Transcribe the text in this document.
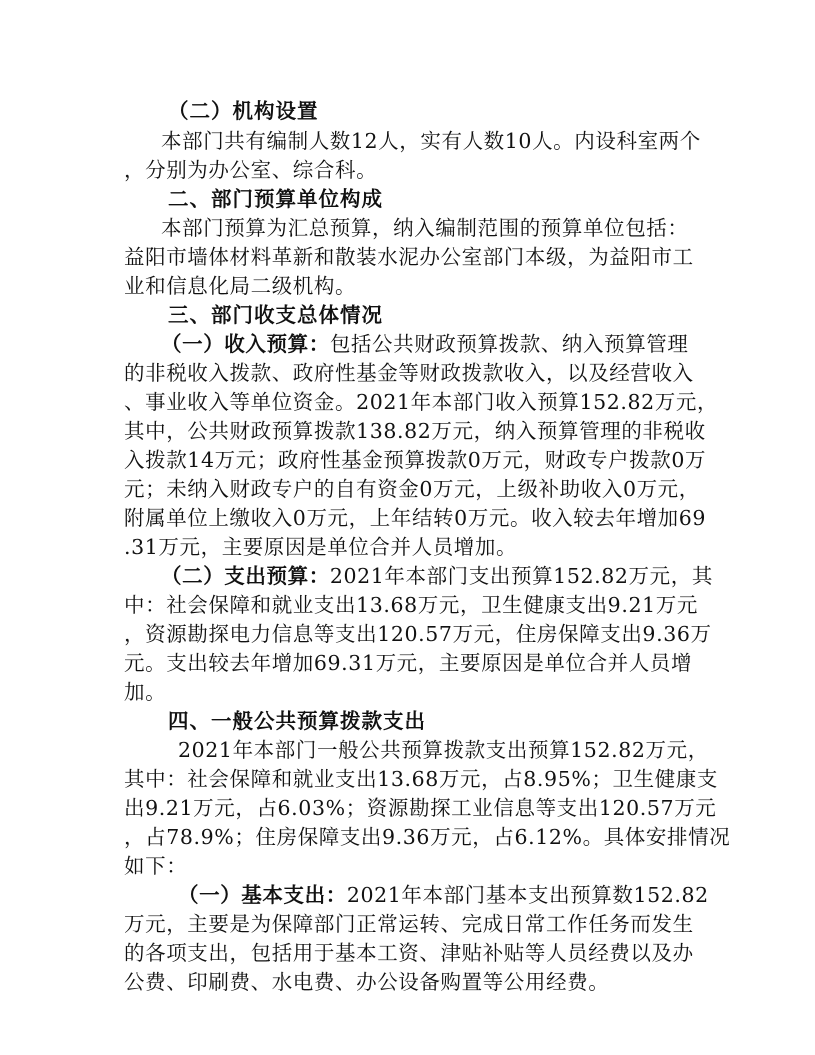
（二）机构设置
本部门共有编制人数12人，实有人数10人。内设科室两个
，分别为办公室、综合科。
二、部门预算单位构成
本部门预算为汇总预算，纳入编制范围的预算单位包括：
益阳市墙体材料革新和散装水泥办公室部门本级，为益阳市工
业和信息化局二级机构。
三、部门收支总体情况
（一）收入预算：包括公共财政预算拨款、纳入预算管理
的非税收入拨款、政府性基金等财政拨款收入，以及经营收入
、事业收入等单位资金。2021年本部门收入预算152.82万元，
其中，公共财政预算拨款138.82万元，纳入预算管理的非税收
入拨款14万元；政府性基金预算拨款0万元，财政专户拨款0万
元；未纳入财政专户的自有资金0万元，上级补助收入0万元，
附属单位上缴收入0万元，上年结转0万元。收入较去年增加69
.31万元，主要原因是单位合并人员增加。
（二）支出预算：2021年本部门支出预算152.82万元，其
中：社会保障和就业支出13.68万元，卫生健康支出9.21万元
，资源勘探电力信息等支出120.57万元，住房保障支出9.36万
元。支出较去年增加69.31万元，主要原因是单位合并人员增
加。
四、一般公共预算拨款支出
2021年本部门一般公共预算拨款支出预算152.82万元，
其中：社会保障和就业支出13.68万元，占8.95%；卫生健康支
出9.21万元，占6.03%；资源勘探工业信息等支出120.57万元
，占78.9%；住房保障支出9.36万元，占6.12%。具体安排情况
如下：
（一）基本支出：2021年本部门基本支出预算数152.82
万元，主要是为保障部门正常运转、完成日常工作任务而发生
的各项支出，包括用于基本工资、津贴补贴等人员经费以及办
公费、印刷费、水电费、办公设备购置等公用经费。
